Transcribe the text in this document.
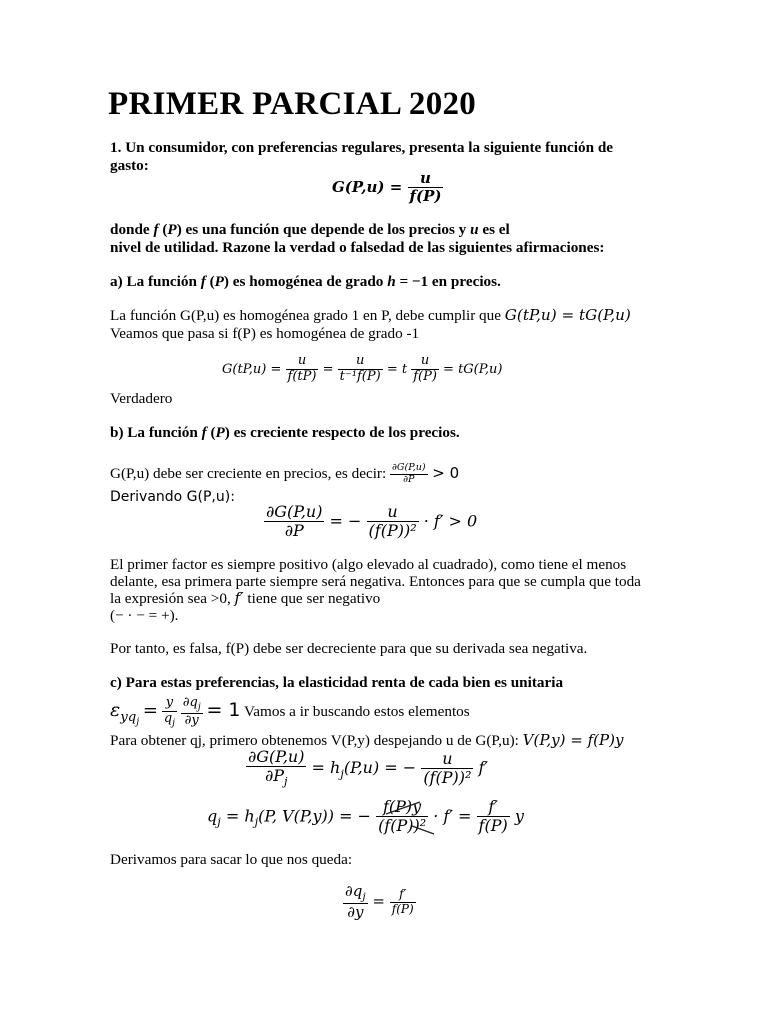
PRIMER PARCIAL 2020
1. Un consumidor, con preferencias regulares, presenta la siguiente función de
gasto:
$G(P,u) = \frac{u}{f(P)}$
donde f (P) es una función que depende de los precios y u es el
nivel de utilidad. Razone la verdad o falsedad de las siguientes afirmaciones:
a) La función f (P) es homogénea de grado h = −1 en precios.
La función G(P,u) es homogénea grado 1 en P, debe cumplir que G(tP,u) = tG(P,u)
Veamos que pasa si f(P) es homogénea de grado -1
$G(tP,u) = \frac{u}{f(tP)} = \frac{u}{\text{t⁻¹f(P)}} = t \frac{u}{f(P)} = tG(P,u)$
Verdadero
b) La función f (P) es creciente respecto de los precios.
G(P,u) debe ser creciente en precios, es decir: $\frac{\partial G(P,u)}{\partial P} > 0$
Derivando G(P,u):
$\frac{\partial G(P,u)}{\partial P}$ = − $\frac{u}{\text{(f(P))²}} \cdot f' > 0$
El primer factor es siempre positivo (algo elevado al cuadrado), como tiene el menos
delante, esa primera parte siempre será negativa. Entonces para que se cumpla que toda
la expresión sea >0, f′ tiene que ser negativo
(− · − = +).
Por tanto, es falsa, f(P) debe ser decreciente para que su derivada sea negativa.
c) Para estas preferencias, la elasticidad renta de cada bien es unitaria
$\varepsilon_{yq_j} = \frac{y}{q_j}$
$\frac{\partial q_j}{\partial y} = 1$ Vamos a ir buscando estos elementos
Para obtener qj, primero obtenemos V(P,y) despejando u de G(P,u): V(P,y) = f(P)y
$\frac{\partial G(P,u)}{\partial P_j} = h_j(P,u)$ = − $\frac{u}{\text{(f(P))²}} f'$
$q_j = h_j(P$, V(P,y)) = − $\frac{f(P)y}{\text{(f(P))²}} \cdot f' = \frac{f'}{f(P)}$ y
Derivamos para sacar lo que nos queda:
$\frac{\partial q_j}{\partial y} = \frac{f'}{f(P)}$
